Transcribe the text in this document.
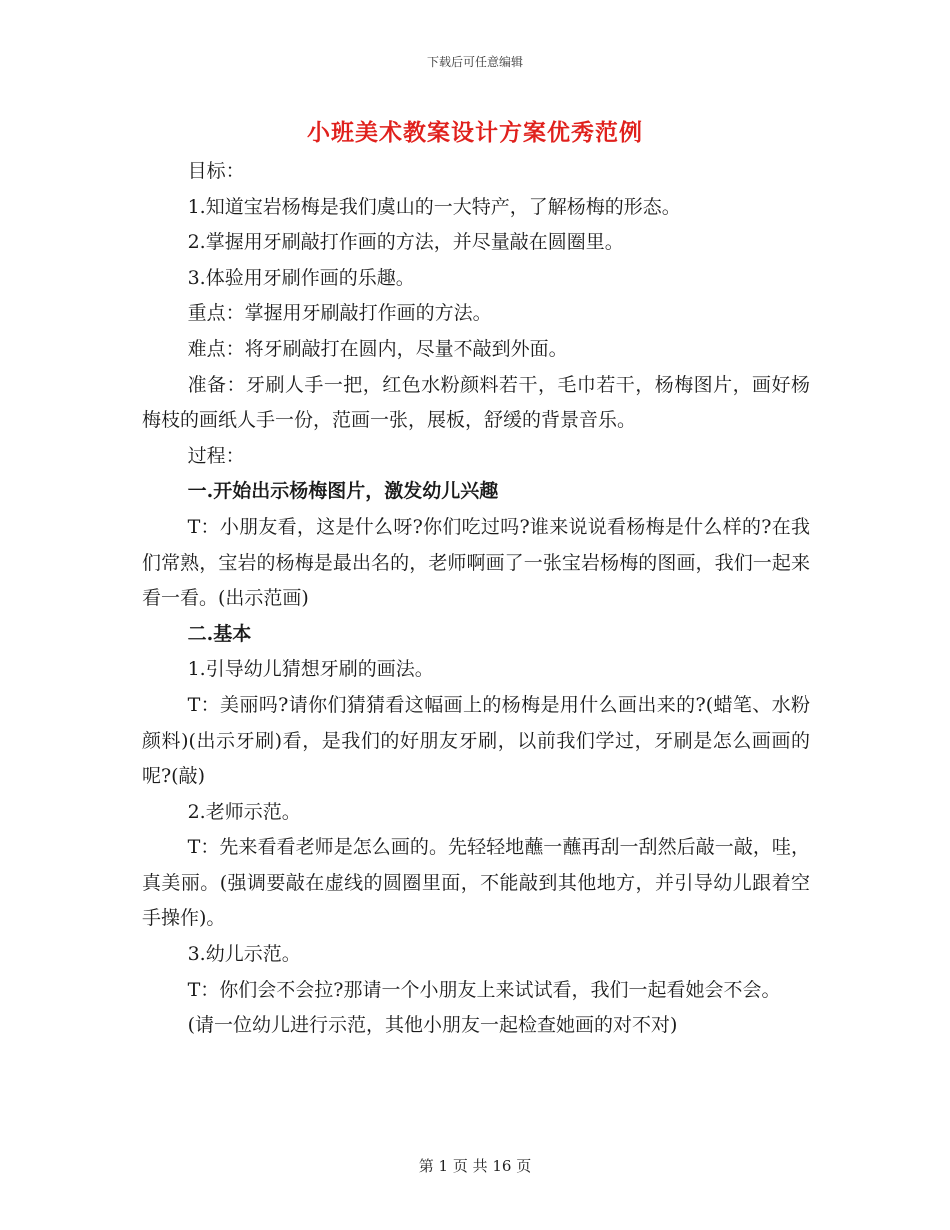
下载后可任意编辑
小班美术教案设计方案优秀范例

目标：

1.知道宝岩杨梅是我们虞山的一大特产，了解杨梅的形态。

2.掌握用牙刷敲打作画的方法，并尽量敲在圆圈里。

3.体验用牙刷作画的乐趣。

重点：掌握用牙刷敲打作画的方法。

难点：将牙刷敲打在圆内，尽量不敲到外面。

准备：牙刷人手一把，红色水粉颜料若干，毛巾若干，杨梅图片，画好杨梅枝的画纸人手一份，范画一张，展板，舒缓的背景音乐。

过程：

一.开始出示杨梅图片，激发幼儿兴趣

T：小朋友看，这是什么呀?你们吃过吗?谁来说说看杨梅是什么样的?在我们常熟，宝岩的杨梅是最出名的，老师啊画了一张宝岩杨梅的图画，我们一起来看一看。(出示范画)

二.基本

1.引导幼儿猜想牙刷的画法。

T：美丽吗?请你们猜猜看这幅画上的杨梅是用什么画出来的?(蜡笔、水粉颜料)(出示牙刷)看，是我们的好朋友牙刷，以前我们学过，牙刷是怎么画画的呢?(敲)

2.老师示范。

T：先来看看老师是怎么画的。先轻轻地蘸一蘸再刮一刮然后敲一敲，哇，真美丽。(强调要敲在虚线的圆圈里面，不能敲到其他地方，并引导幼儿跟着空手操作)。

3.幼儿示范。

T：你们会不会拉?那请一个小朋友上来试试看，我们一起看她会不会。

(请一位幼儿进行示范，其他小朋友一起检查她画的对不对)

第 1 页 共 16 页
